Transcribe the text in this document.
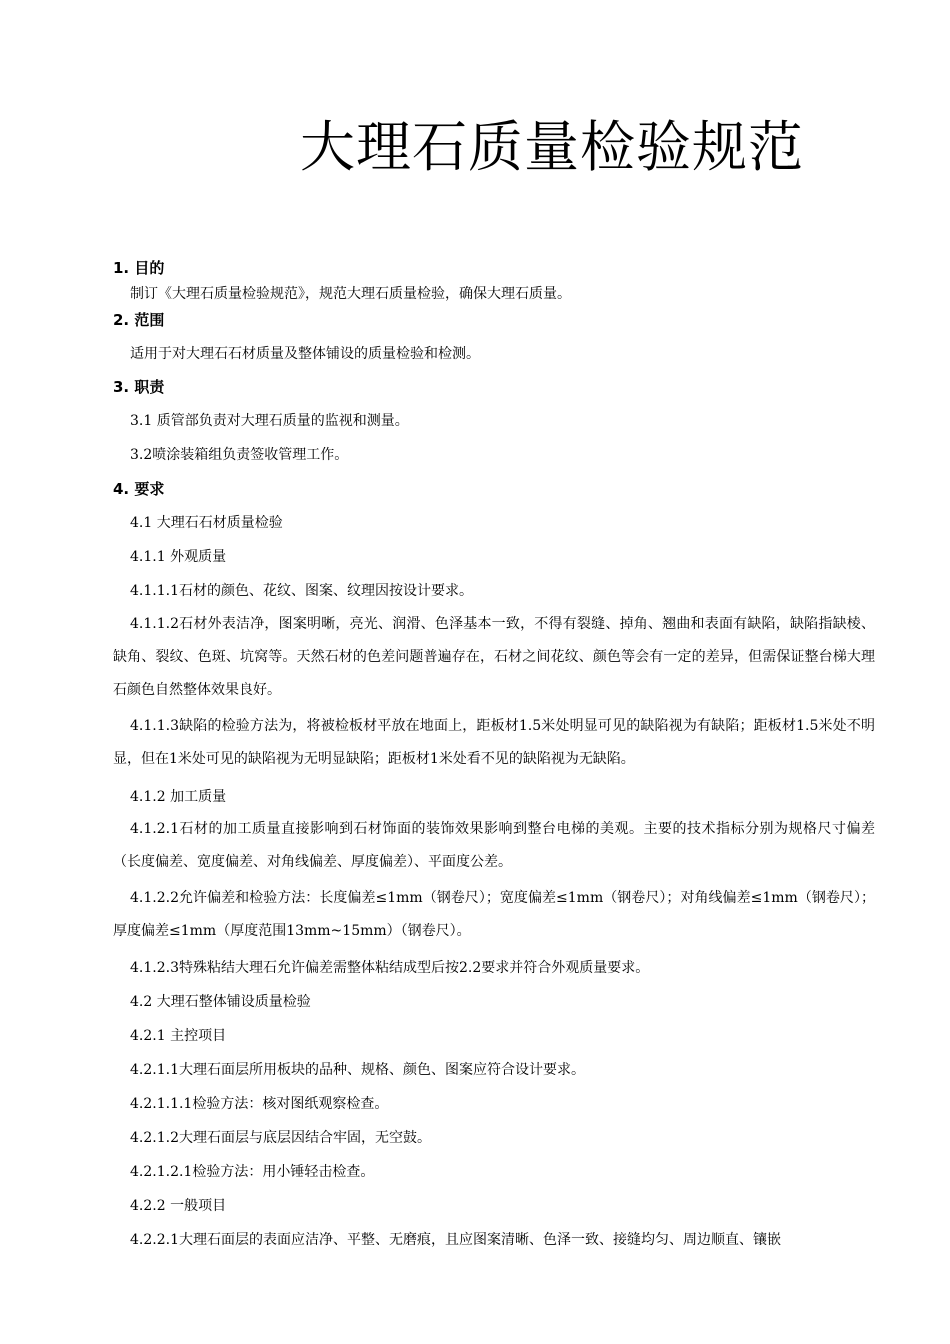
大理石质量检验规范
1. 目的
制订《大理石质量检验规范》，规范大理石质量检验，确保大理石质量。
2. 范围
适用于对大理石石材质量及整体铺设的质量检验和检测。
3. 职责
3.1 质管部负责对大理石质量的监视和测量。
3.2喷涂装箱组负责签收管理工作。
4. 要求
4.1 大理石石材质量检验
4.1.1 外观质量
4.1.1.1石材的颜色、花纹、图案、纹理因按设计要求。
4.1.1.2石材外表洁净，图案明晰，亮光、润滑、色泽基本一致，不得有裂缝、掉角、翘曲和表面有缺陷，缺陷指缺棱、缺角、裂纹、色斑、坑窝等。天然石材的色差问题普遍存在，石材之间花纹、颜色等会有一定的差异，但需保证整台梯大理石颜色自然整体效果良好。
4.1.1.3缺陷的检验方法为，将被检板材平放在地面上，距板材1.5米处明显可见的缺陷视为有缺陷；距板材1.5米处不明显，但在1米处可见的缺陷视为无明显缺陷；距板材1米处看不见的缺陷视为无缺陷。
4.1.2 加工质量
4.1.2.1石材的加工质量直接影响到石材饰面的装饰效果影响到整台电梯的美观。主要的技术指标分别为规格尺寸偏差（长度偏差、宽度偏差、对角线偏差、厚度偏差）、平面度公差。
4.1.2.2允许偏差和检验方法：长度偏差≤1mm（钢卷尺）；宽度偏差≤1mm（钢卷尺）；对角线偏差≤1mm（钢卷尺）；厚度偏差≤1mm（厚度范围13mm~15mm）（钢卷尺）。
4.1.2.3特殊粘结大理石允许偏差需整体粘结成型后按2.2要求并符合外观质量要求。
4.2 大理石整体铺设质量检验
4.2.1 主控项目
4.2.1.1大理石面层所用板块的品种、规格、颜色、图案应符合设计要求。
4.2.1.1.1检验方法：核对图纸观察检查。
4.2.1.2大理石面层与底层因结合牢固，无空鼓。
4.2.1.2.1检验方法：用小锤轻击检查。
4.2.2 一般项目
4.2.2.1大理石面层的表面应洁净、平整、无磨痕，且应图案清晰、色泽一致、接缝均匀、周边顺直、镶嵌
